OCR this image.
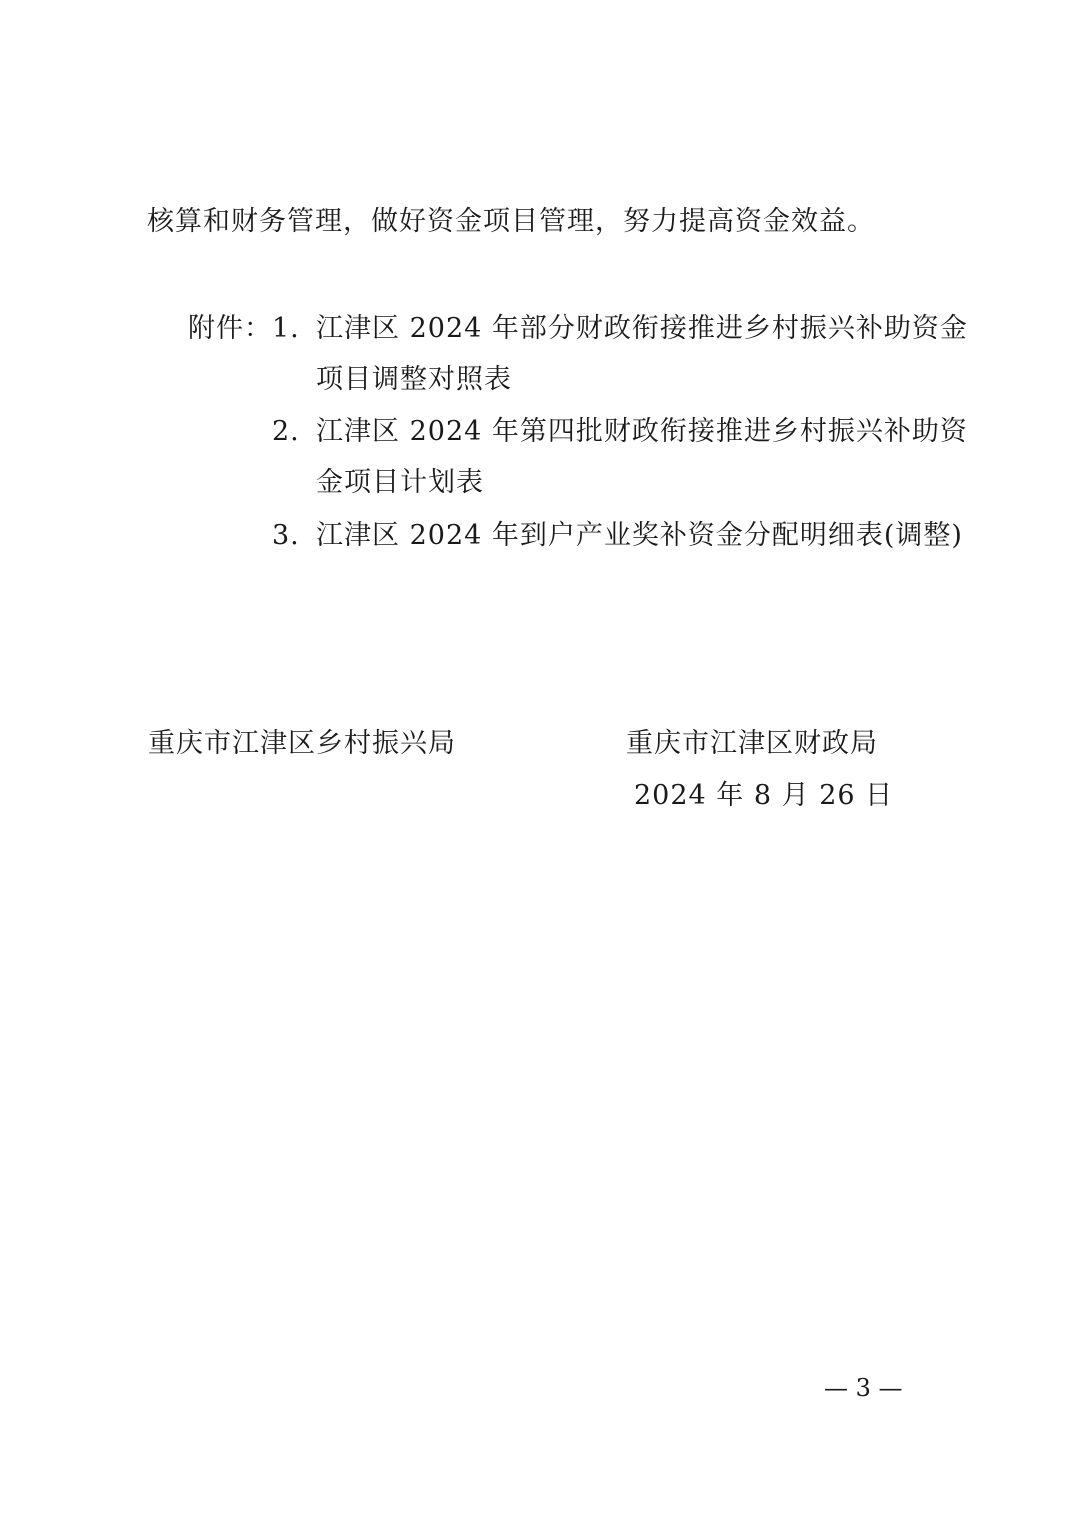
核算和财务管理，做好资金项目管理，努力提高资金效益。
附件： 1. 江津区 2024 年部分财政衔接推进乡村振兴补助资金
项目调整对照表
2. 江津区 2024 年第四批财政衔接推进乡村振兴补助资
金项目计划表
3. 江津区 2024 年到户产业奖补资金分配明细表(调整)
重庆市江津区乡村振兴局	重庆市江津区财政局
2024 年 8 月 26 日
— 3 —
